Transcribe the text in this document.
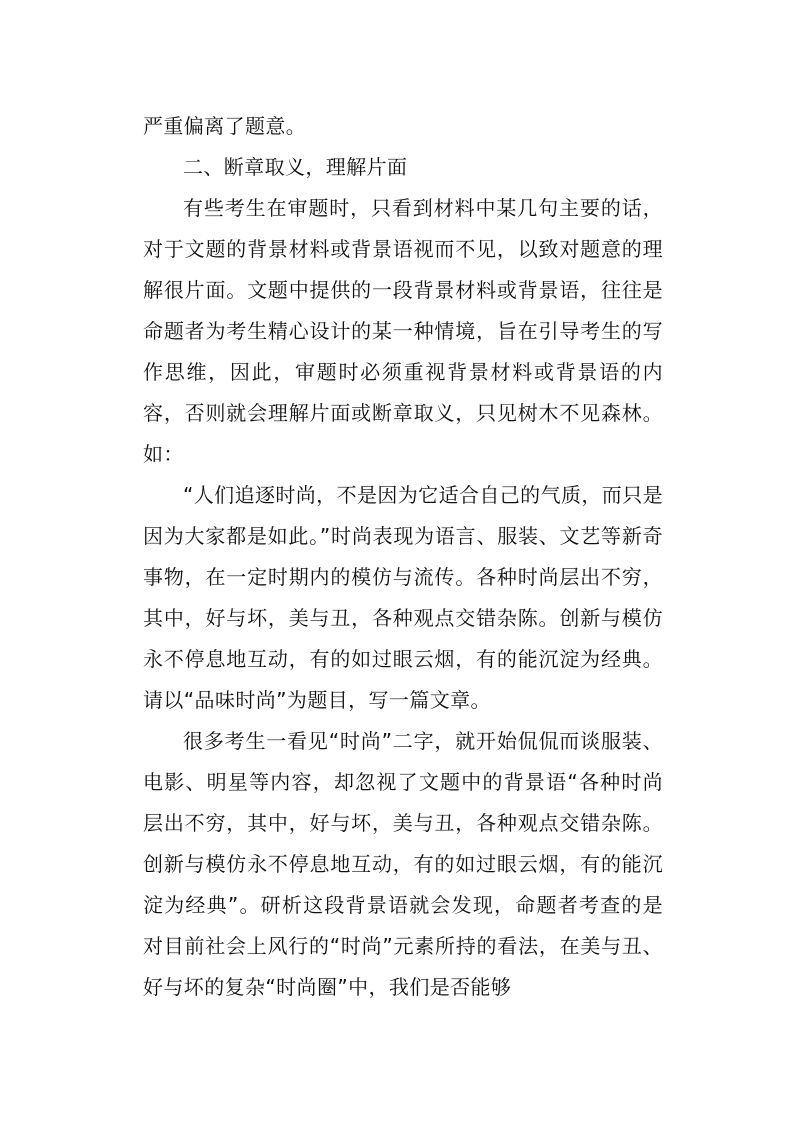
严重偏离了题意。

二、断章取义，理解片面

有些考生在审题时，只看到材料中某几句主要的话，对于文题的背景材料或背景语视而不见，以致对题意的理解很片面。文题中提供的一段背景材料或背景语，往往是命题者为考生精心设计的某一种情境，旨在引导考生的写作思维，因此，审题时必须重视背景材料或背景语的内容，否则就会理解片面或断章取义，只见树木不见森林。如：

“人们追逐时尚，不是因为它适合自己的气质，而只是因为大家都是如此。”时尚表现为语言、服装、文艺等新奇事物，在一定时期内的模仿与流传。各种时尚层出不穷，其中，好与坏，美与丑，各种观点交错杂陈。创新与模仿永不停息地互动，有的如过眼云烟，有的能沉淀为经典。请以“品味时尚”为题目，写一篇文章。

很多考生一看见“时尚”二字，就开始侃侃而谈服装、电影、明星等内容，却忽视了文题中的背景语“各种时尚层出不穷，其中，好与坏，美与丑，各种观点交错杂陈。创新与模仿永不停息地互动，有的如过眼云烟，有的能沉淀为经典”。研析这段背景语就会发现，命题者考查的是对目前社会上风行的“时尚”元素所持的看法，在美与丑、好与坏的复杂“时尚圈”中，我们是否能够
